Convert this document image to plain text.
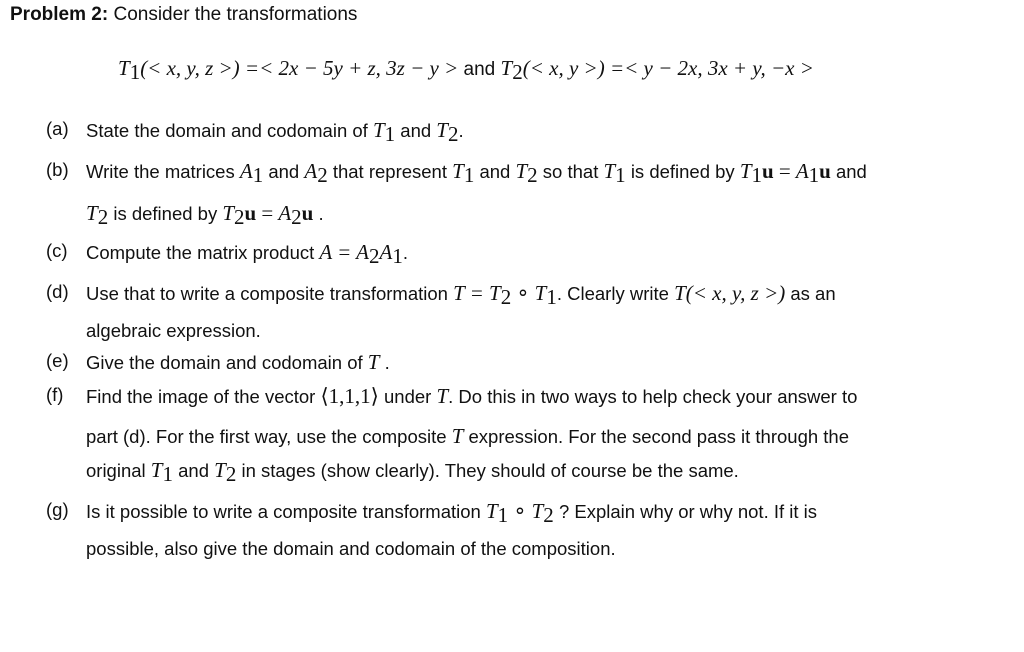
Problem 2: Consider the transformations
$T_1(< x$, y, z >) =< 2x − 5y + z, 3z − y > and $T_2(< x$, y >) =< y − 2x, 3x + y, −x >
(a) State the domain and codomain of $T_1$ and $T_2$.
(b) Write the matrices $A_1$ and $A_2$ that represent $T_1$ and $T_2$ so that $T_1$ is defined by $T_1u = A_1u$ and
$T_2$ is defined by $T_2u = A_2u$ .
(c) Compute the matrix product $A = A_2A_1$.
(d) Use that to write a composite transformation $T = T_2$ ∘ $T_1$. Clearly write T(< x, y, z >) as an
algebraic expression.
(e) Give the domain and codomain of T .
(f) Find the image of the vector ⟨1,1,1⟩ under T. Do this in two ways to help check your answer to
part (d). For the first way, use the composite T expression. For the second pass it through the
original $T_1$ and $T_2$ in stages (show clearly). They should of course be the same.
(g) Is it possible to write a composite transformation $T_1$ ∘ $T_2$ ? Explain why or why not. If it is
possible, also give the domain and codomain of the composition.
